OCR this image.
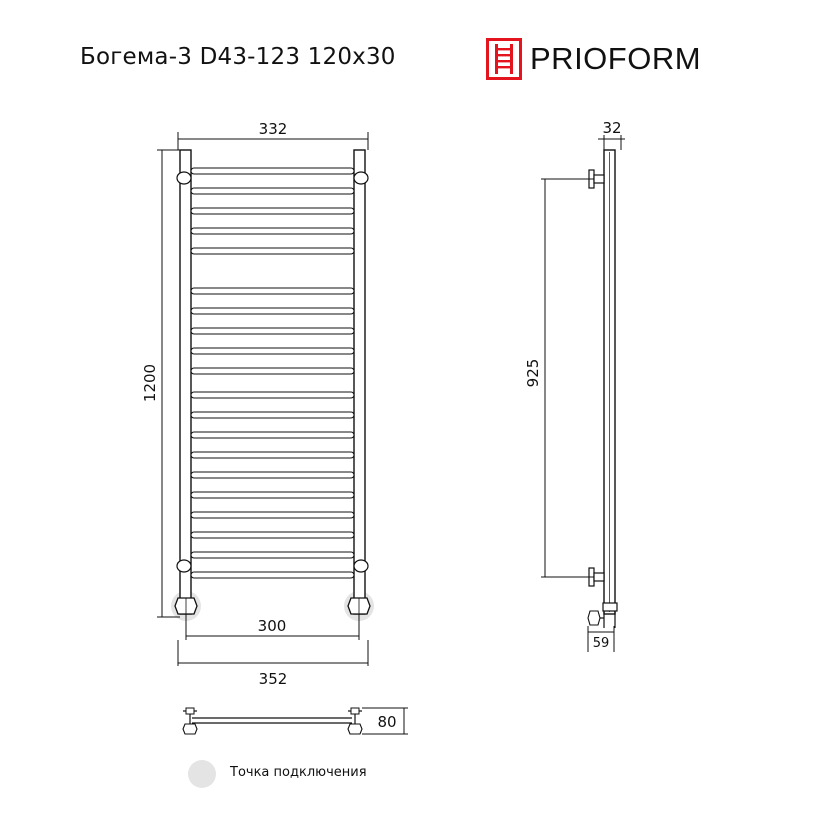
Богема-3 D43-123 120x30	PRIOFORM
332
1200
300
352
80
32
925
59
Точка подключения
